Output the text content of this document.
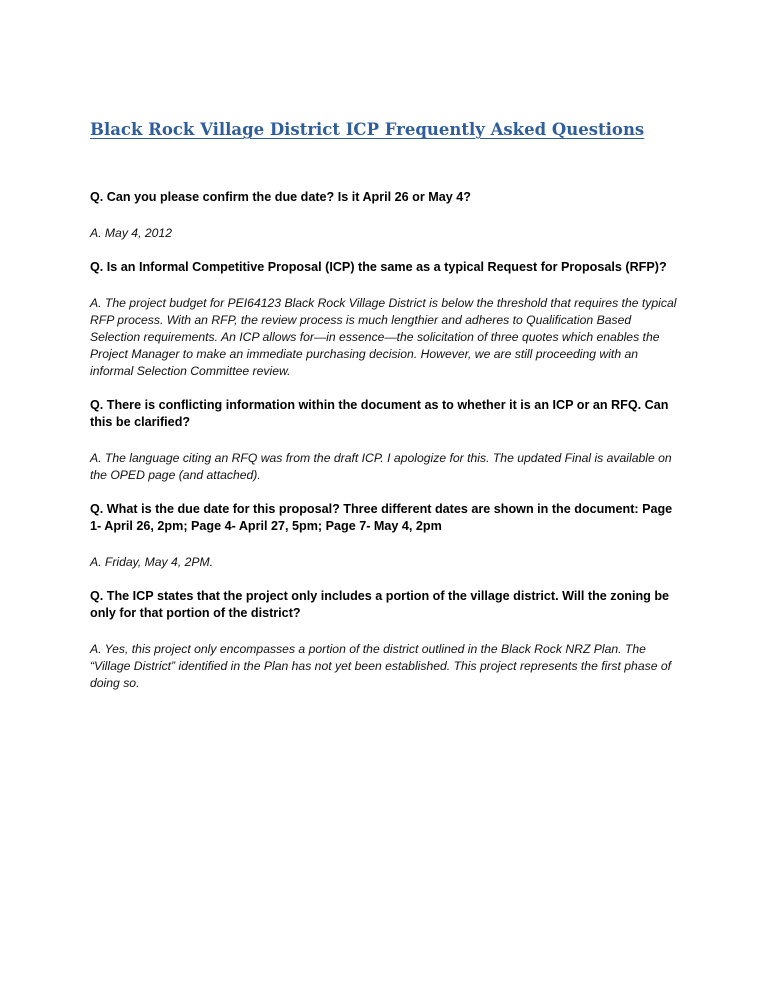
Black Rock Village District ICP Frequently Asked Questions

Q. Can you please confirm the due date? Is it April 26 or May 4?

A. May 4, 2012

Q. Is an Informal Competitive Proposal (ICP) the same as a typical Request for Proposals (RFP)?

A. The project budget for PEI64123 Black Rock Village District is below the threshold that requires the typical RFP process. With an RFP, the review process is much lengthier and adheres to Qualification Based Selection requirements. An ICP allows for—in essence—the solicitation of three quotes which enables the Project Manager to make an immediate purchasing decision. However, we are still proceeding with an informal Selection Committee review.

Q. There is conflicting information within the document as to whether it is an ICP or an RFQ. Can this be clarified?

A. The language citing an RFQ was from the draft ICP. I apologize for this. The updated Final is available on the OPED page (and attached).

Q. What is the due date for this proposal? Three different dates are shown in the document: Page 1- April 26, 2pm; Page 4- April 27, 5pm; Page 7- May 4, 2pm

A. Friday, May 4, 2PM.

Q. The ICP states that the project only includes a portion of the village district. Will the zoning be only for that portion of the district?

A. Yes, this project only encompasses a portion of the district outlined in the Black Rock NRZ Plan. The “Village District” identified in the Plan has not yet been established. This project represents the first phase of doing so.
